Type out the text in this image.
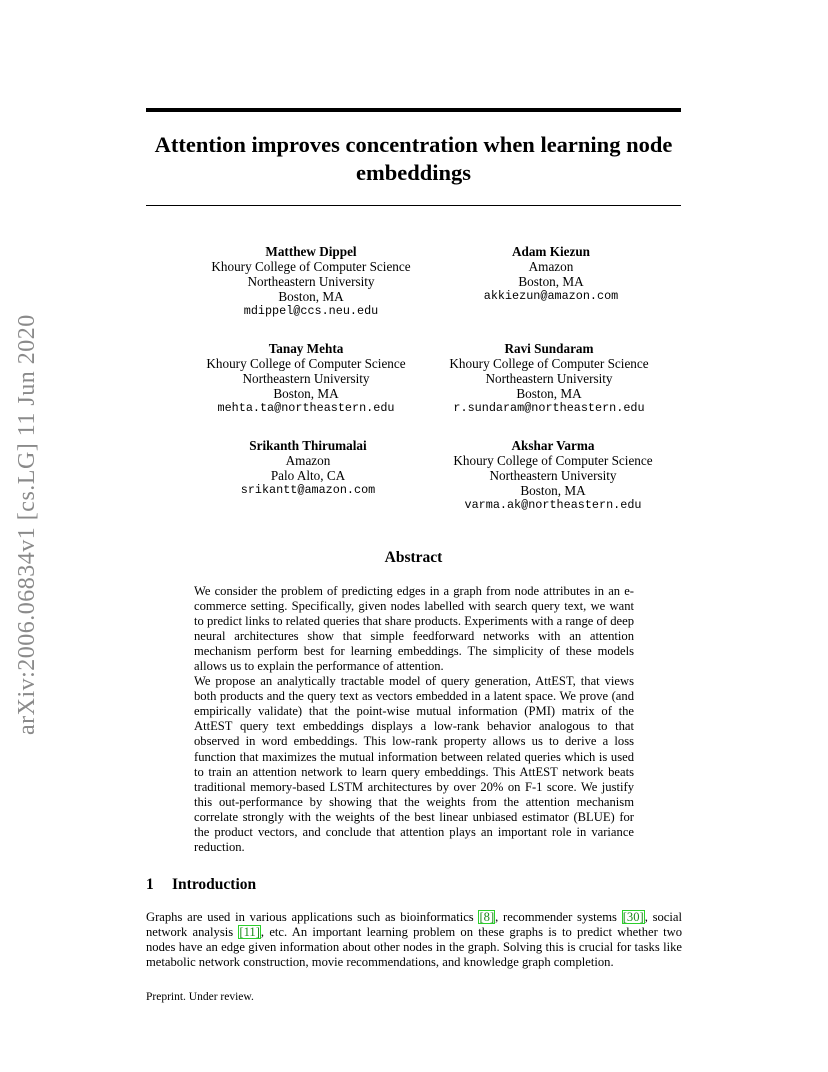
arXiv:2006.06834v1 [cs.LG] 11 Jun 2020
Attention improves concentration when learning node
embeddings
Matthew Dippel
Khoury College of Computer Science
Northeastern University
Boston, MA
mdippel@ccs.neu.edu
Adam Kiezun
Amazon
Boston, MA
akkiezun@amazon.com
Tanay Mehta
Khoury College of Computer Science
Northeastern University
Boston, MA
mehta.ta@northeastern.edu
Ravi Sundaram
Khoury College of Computer Science
Northeastern University
Boston, MA
r.sundaram@northeastern.edu
Srikanth Thirumalai
Amazon
Palo Alto, CA
srikantt@amazon.com
Akshar Varma
Khoury College of Computer Science
Northeastern University
Boston, MA
varma.ak@northeastern.edu
Abstract

We consider the problem of predicting edges in a graph from node attributes in an e-commerce setting. Specifically, given nodes labelled with search query text, we want to predict links to related queries that share products. Experiments with a range of deep neural architectures show that simple feedforward networks with an attention mechanism perform best for learning embeddings. The simplicity of these models allows us to explain the performance of attention.

We propose an analytically tractable model of query generation, AttEST, that views both products and the query text as vectors embedded in a latent space. We prove (and empirically validate) that the point-wise mutual information (PMI) matrix of the AttEST query text embeddings displays a low-rank behavior analogous to that observed in word embeddings. This low-rank property allows us to derive a loss function that maximizes the mutual information between related queries which is used to train an attention network to learn query embeddings. This AttEST network beats traditional memory-based LSTM architectures by over 20% on F-1 score. We justify this out-performance by showing that the weights from the attention mechanism correlate strongly with the weights of the best linear unbiased estimator (BLUE) for the product vectors, and conclude that attention plays an important role in variance reduction.

1 Introduction

Graphs are used in various applications such as bioinformatics [8], recommender systems [30], social network analysis [11], etc. An important learning problem on these graphs is to predict whether two nodes have an edge given information about other nodes in the graph. Solving this is crucial for tasks like metabolic network construction, movie recommendations, and knowledge graph completion.

Preprint. Under review.
